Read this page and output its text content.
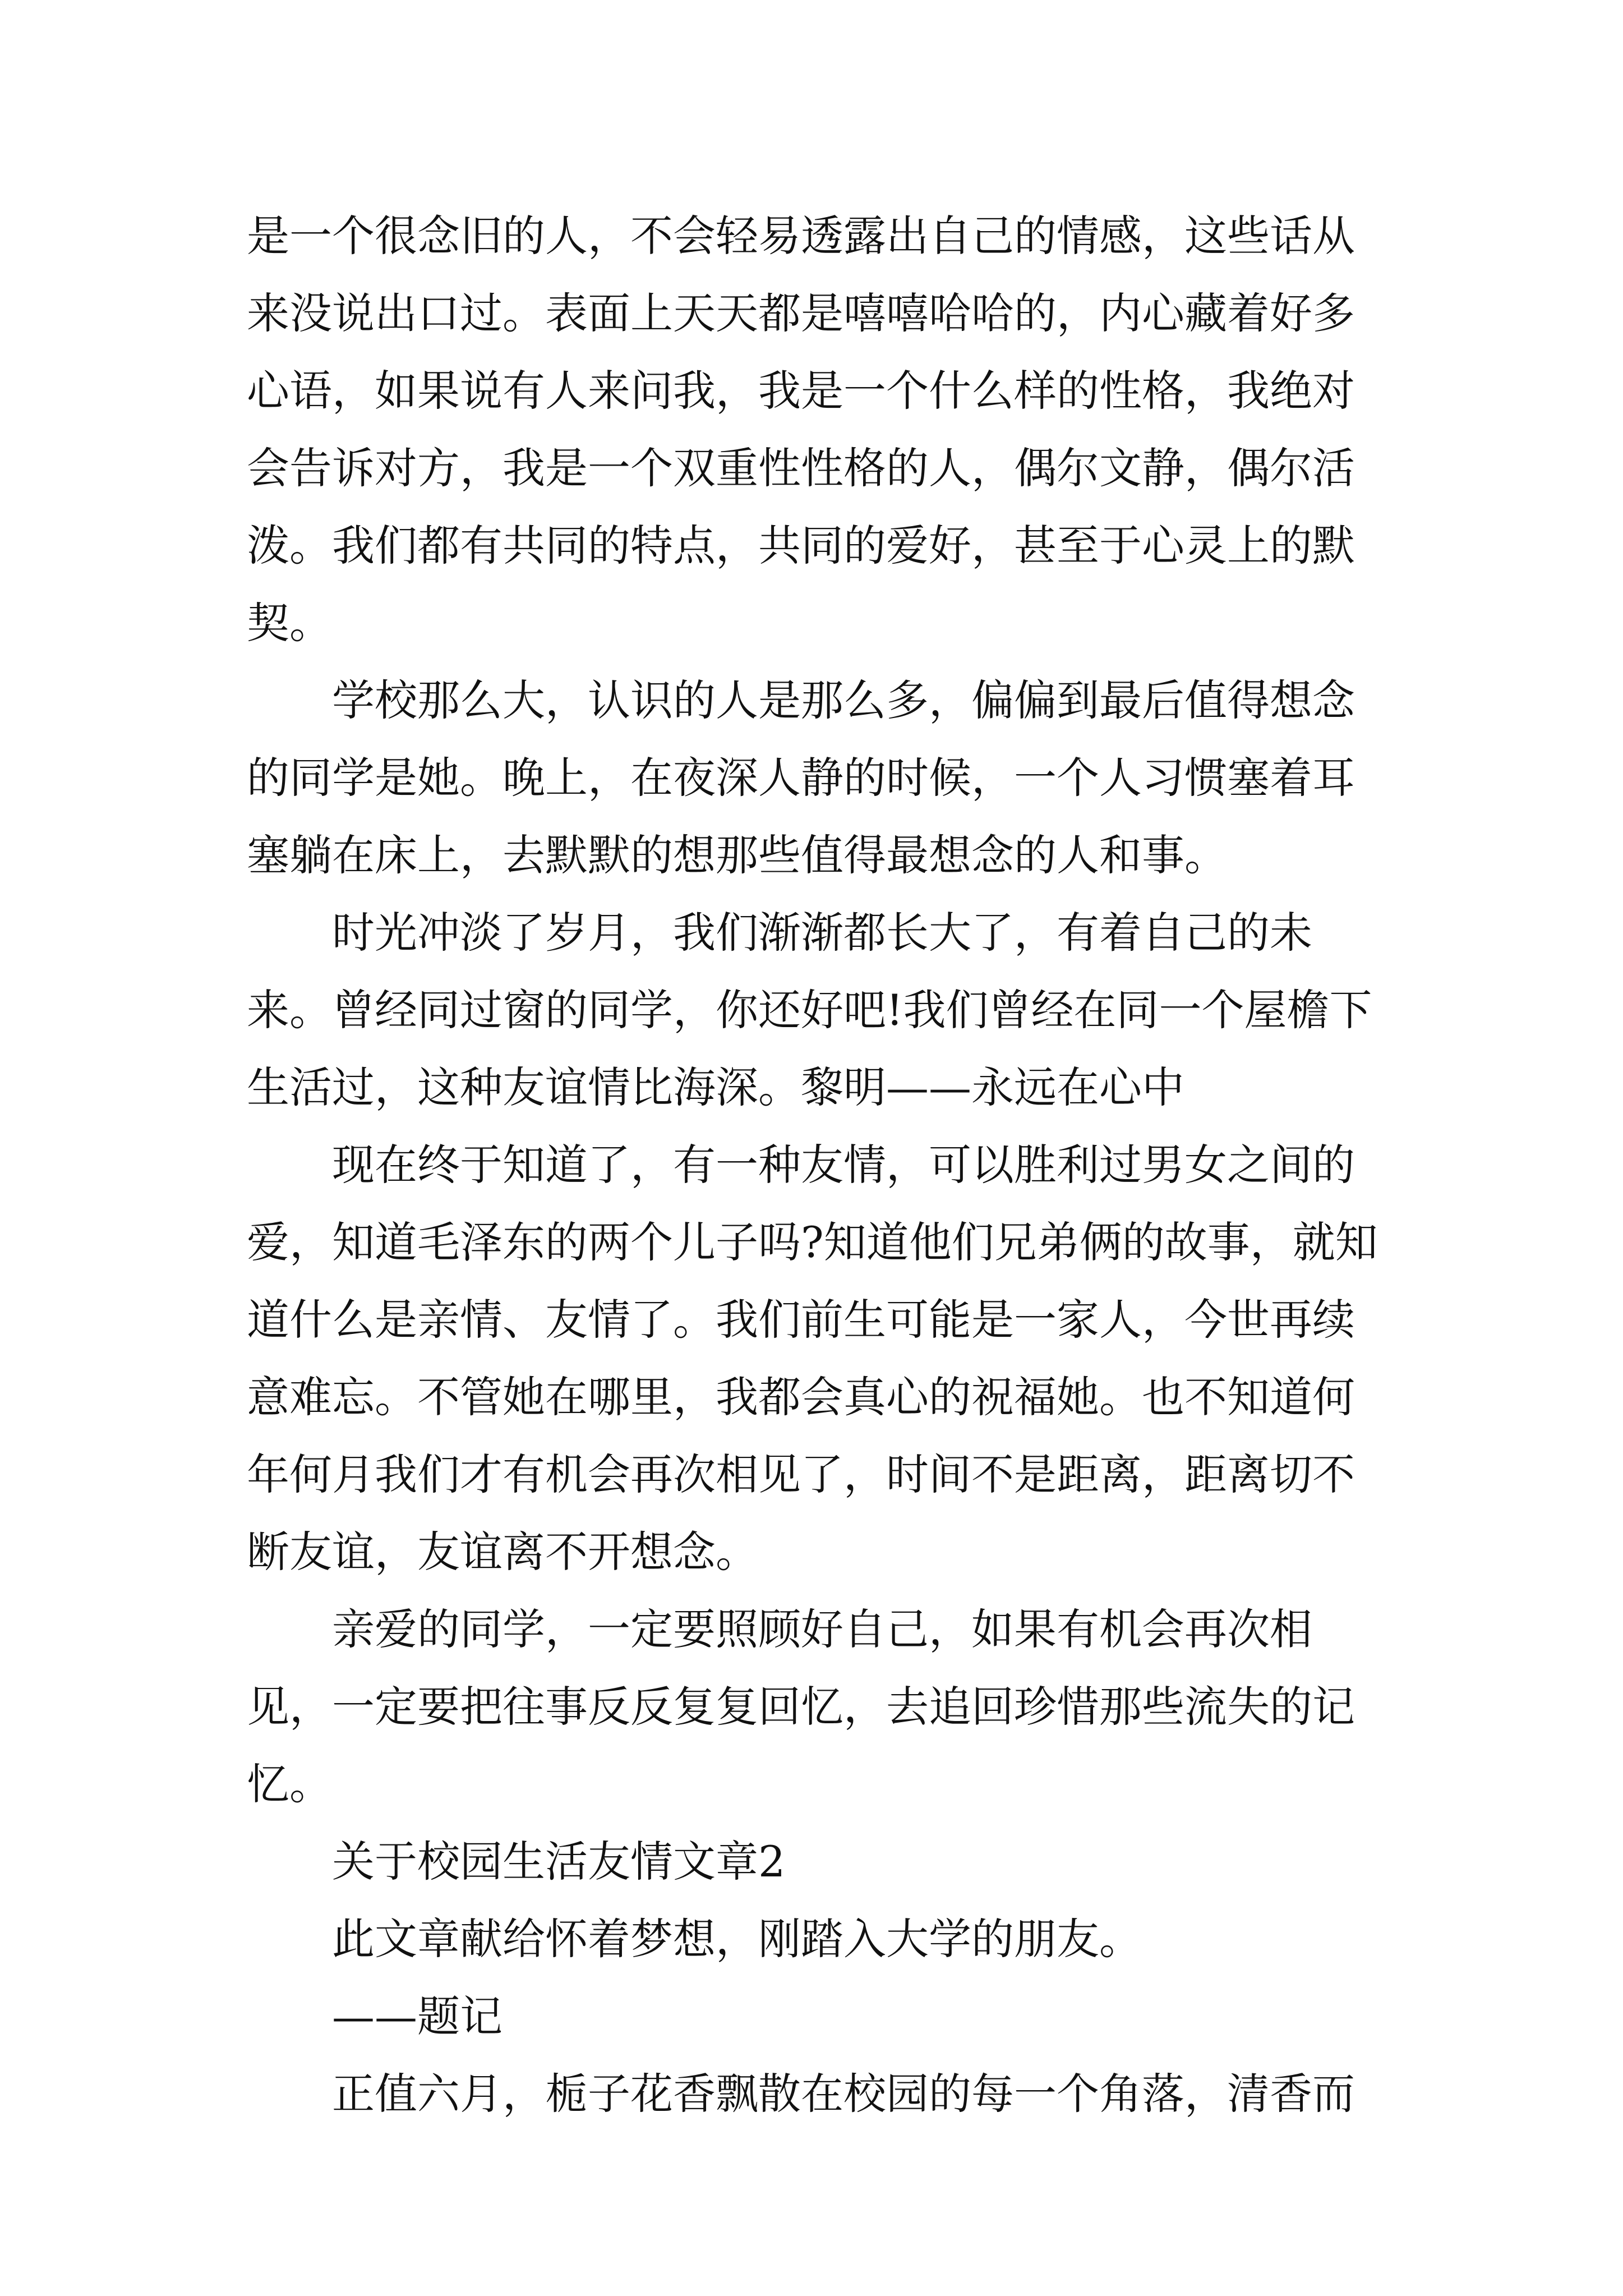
是一个很念旧的人，不会轻易透露出自己的情感，这些话从来没说出口过。表面上天天都是嘻嘻哈哈的，内心藏着好多心语，如果说有人来问我，我是一个什么样的性格，我绝对会告诉对方，我是一个双重性性格的人，偶尔文静，偶尔活泼。我们都有共同的特点，共同的爱好，甚至于心灵上的默契。

学校那么大，认识的人是那么多，偏偏到最后值得想念的同学是她。晚上，在夜深人静的时候，一个人习惯塞着耳塞躺在床上，去默默的想那些值得最想念的人和事。

时光冲淡了岁月，我们渐渐都长大了，有着自己的未来。曾经同过窗的同学，你还好吧!我们曾经在同一个屋檐下生活过，这种友谊情比海深。黎明——永远在心中

现在终于知道了，有一种友情，可以胜利过男女之间的爱，知道毛泽东的两个儿子吗?知道他们兄弟俩的故事，就知道什么是亲情、友情了。我们前生可能是一家人，今世再续意难忘。不管她在哪里，我都会真心的祝福她。也不知道何年何月我们才有机会再次相见了，时间不是距离，距离切不断友谊，友谊离不开想念。

亲爱的同学，一定要照顾好自己，如果有机会再次相见，一定要把往事反反复复回忆，去追回珍惜那些流失的记忆。

关于校园生活友情文章2

此文章献给怀着梦想，刚踏入大学的朋友。

——题记

正值六月，栀子花香飘散在校园的每一个角落，清香而
